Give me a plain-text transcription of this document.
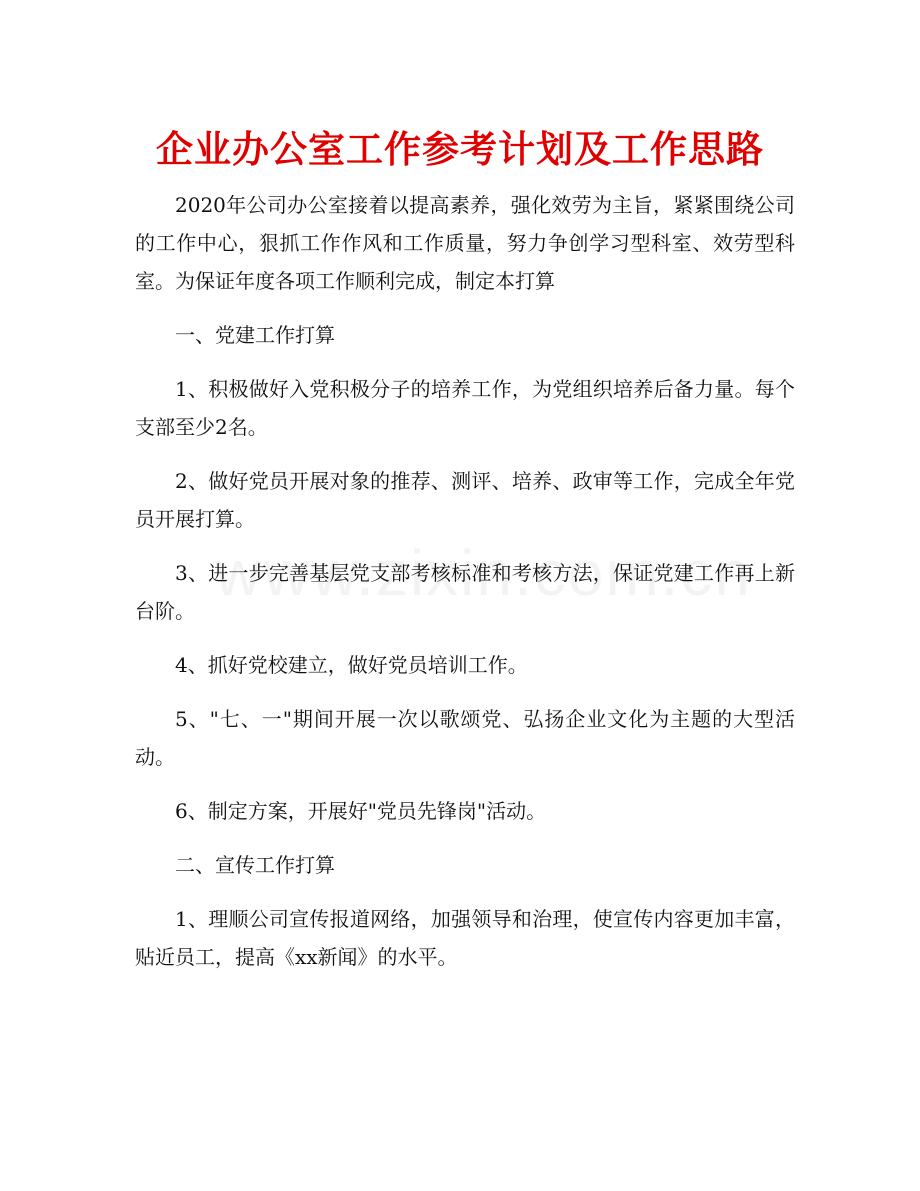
企业办公室工作参考计划及工作思路

2020年公司办公室接着以提高素养，强化效劳为主旨，紧紧围绕公司的工作中心，狠抓工作作风和工作质量，努力争创学习型科室、效劳型科室。为保证年度各项工作顺利完成，制定本打算

一、党建工作打算

1、积极做好入党积极分子的培养工作，为党组织培养后备力量。每个支部至少2名。

2、做好党员开展对象的推荐、测评、培养、政审等工作，完成全年党员开展打算。

3、进一步完善基层党支部考核标准和考核方法，保证党建工作再上新台阶。

4、抓好党校建立，做好党员培训工作。

5、"七、一"期间开展一次以歌颂党、弘扬企业文化为主题的大型活动。

6、制定方案，开展好"党员先锋岗"活动。

二、宣传工作打算

1、理顺公司宣传报道网络，加强领导和治理，使宣传内容更加丰富，贴近员工，提高《xx新闻》的水平。
